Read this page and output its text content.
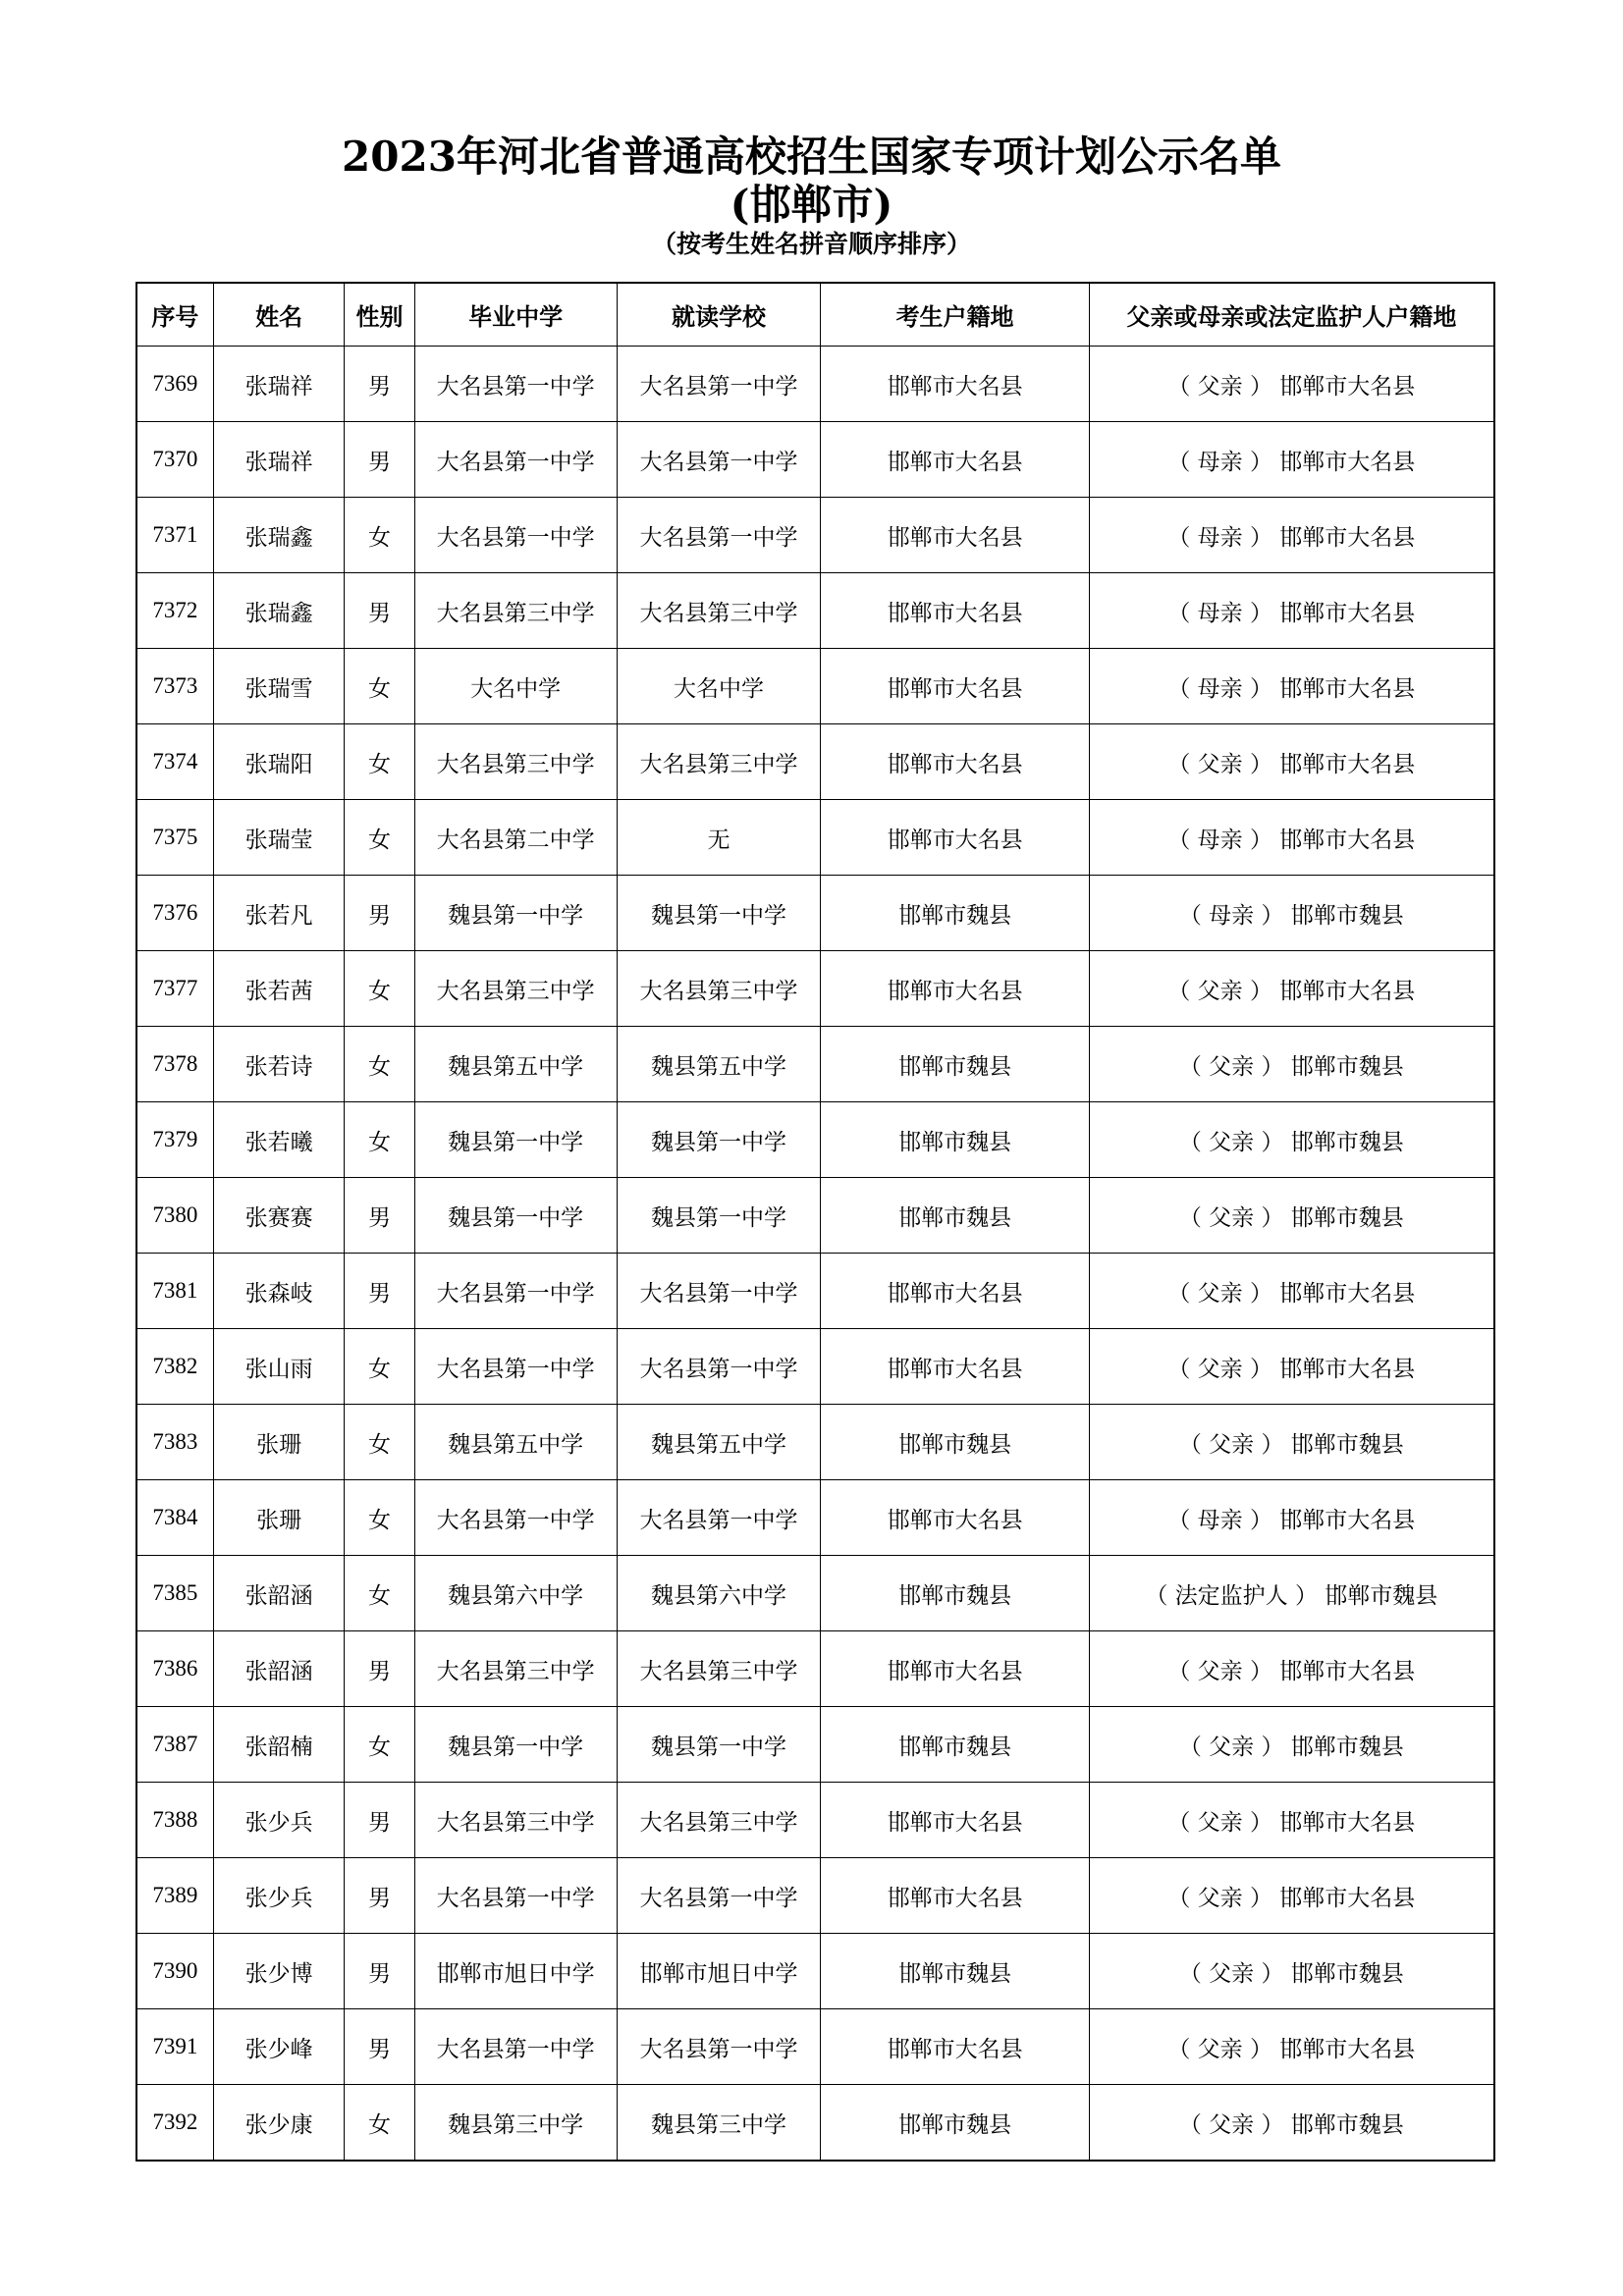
2023年河北省普通高校招生国家专项计划公示名单
(邯郸市)
（按考生姓名拼音顺序排序）
序号	姓名	性别	毕业中学	就读学校	考生户籍地	父亲或母亲或法定监护人户籍地
7369	张瑞祥	男	大名县第一中学	大名县第一中学	邯郸市大名县	（ 父亲 ） 邯郸市大名县
7370	张瑞祥	男	大名县第一中学	大名县第一中学	邯郸市大名县	（ 母亲 ） 邯郸市大名县
7371	张瑞鑫	女	大名县第一中学	大名县第一中学	邯郸市大名县	（ 母亲 ） 邯郸市大名县
7372	张瑞鑫	男	大名县第三中学	大名县第三中学	邯郸市大名县	（ 母亲 ） 邯郸市大名县
7373	张瑞雪	女	大名中学	大名中学	邯郸市大名县	（ 母亲 ） 邯郸市大名县
7374	张瑞阳	女	大名县第三中学	大名县第三中学	邯郸市大名县	（ 父亲 ） 邯郸市大名县
7375	张瑞莹	女	大名县第二中学	无	邯郸市大名县	（ 母亲 ） 邯郸市大名县
7376	张若凡	男	魏县第一中学	魏县第一中学	邯郸市魏县	（ 母亲 ） 邯郸市魏县
7377	张若茜	女	大名县第三中学	大名县第三中学	邯郸市大名县	（ 父亲 ） 邯郸市大名县
7378	张若诗	女	魏县第五中学	魏县第五中学	邯郸市魏县	（ 父亲 ） 邯郸市魏县
7379	张若曦	女	魏县第一中学	魏县第一中学	邯郸市魏县	（ 父亲 ） 邯郸市魏县
7380	张赛赛	男	魏县第一中学	魏县第一中学	邯郸市魏县	（ 父亲 ） 邯郸市魏县
7381	张森岐	男	大名县第一中学	大名县第一中学	邯郸市大名县	（ 父亲 ） 邯郸市大名县
7382	张山雨	女	大名县第一中学	大名县第一中学	邯郸市大名县	（ 父亲 ） 邯郸市大名县
7383	张珊	女	魏县第五中学	魏县第五中学	邯郸市魏县	（ 父亲 ） 邯郸市魏县
7384	张珊	女	大名县第一中学	大名县第一中学	邯郸市大名县	（ 母亲 ） 邯郸市大名县
7385	张韶涵	女	魏县第六中学	魏县第六中学	邯郸市魏县	（ 法定监护人 ） 邯郸市魏县
7386	张韶涵	男	大名县第三中学	大名县第三中学	邯郸市大名县	（ 父亲 ） 邯郸市大名县
7387	张韶楠	女	魏县第一中学	魏县第一中学	邯郸市魏县	（ 父亲 ） 邯郸市魏县
7388	张少兵	男	大名县第三中学	大名县第三中学	邯郸市大名县	（ 父亲 ） 邯郸市大名县
7389	张少兵	男	大名县第一中学	大名县第一中学	邯郸市大名县	（ 父亲 ） 邯郸市大名县
7390	张少博	男	邯郸市旭日中学	邯郸市旭日中学	邯郸市魏县	（ 父亲 ） 邯郸市魏县
7391	张少峰	男	大名县第一中学	大名县第一中学	邯郸市大名县	（ 父亲 ） 邯郸市大名县
7392	张少康	女	魏县第三中学	魏县第三中学	邯郸市魏县	（ 父亲 ） 邯郸市魏县
